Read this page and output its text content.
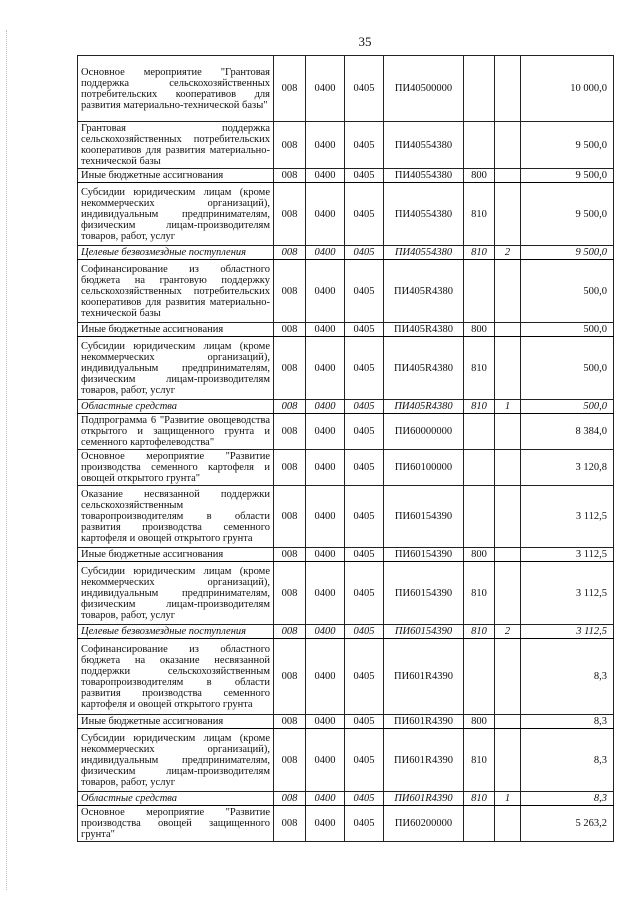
35
Основное мероприятие "Грантовая поддержка сельскохозяйственных потребительских кооперативов для развития материально-технической базы"	008	0400	0405	ПИ40500000			10 000,0
Грантовая поддержка сельскохозяйственных потребительских кооперативов для развития материально-технической базы	008	0400	0405	ПИ40554380			9 500,0
Иные бюджетные ассигнования	008	0400	0405	ПИ40554380	800		9 500,0
Субсидии юридическим лицам (кроме некоммерческих организаций), индивидуальным предпринимателям, физическим лицам-производителям товаров, работ, услуг	008	0400	0405	ПИ40554380	810		9 500,0
Целевые безвозмездные поступления	008	0400	0405	ПИ40554380	810	2	9 500,0
Софинансирование из областного бюджета на грантовую поддержку сельскохозяйственных потребительских кооперативов для развития материально-технической базы	008	0400	0405	ПИ405R4380			500,0
Иные бюджетные ассигнования	008	0400	0405	ПИ405R4380	800		500,0
Субсидии юридическим лицам (кроме некоммерческих организаций), индивидуальным предпринимателям, физическим лицам-производителям товаров, работ, услуг	008	0400	0405	ПИ405R4380	810		500,0
Областные средства	008	0400	0405	ПИ405R4380	810	1	500,0
Подпрограмма 6 "Развитие овощеводства открытого и защищенного грунта и семенного картофелеводства"	008	0400	0405	ПИ60000000			8 384,0
Основное мероприятие "Развитие производства семенного картофеля и овощей открытого грунта"	008	0400	0405	ПИ60100000			3 120,8
Оказание несвязанной поддержки сельскохозяйственным товаропроизводителям в области развития производства семенного картофеля и овощей открытого грунта	008	0400	0405	ПИ60154390			3 112,5
Иные бюджетные ассигнования	008	0400	0405	ПИ60154390	800		3 112,5
Субсидии юридическим лицам (кроме некоммерческих организаций), индивидуальным предпринимателям, физическим лицам-производителям товаров, работ, услуг	008	0400	0405	ПИ60154390	810		3 112,5
Целевые безвозмездные поступления	008	0400	0405	ПИ60154390	810	2	3 112,5
Софинансирование из областного бюджета на оказание несвязанной поддержки сельскохозяйственным товаропроизводителям в области развития производства семенного картофеля и овощей открытого грунта	008	0400	0405	ПИ601R4390			8,3
Иные бюджетные ассигнования	008	0400	0405	ПИ601R4390	800		8,3
Субсидии юридическим лицам (кроме некоммерческих организаций), индивидуальным предпринимателям, физическим лицам-производителям товаров, работ, услуг	008	0400	0405	ПИ601R4390	810		8,3
Областные средства	008	0400	0405	ПИ601R4390	810	1	8,3
Основное мероприятие "Развитие производства овощей защищенного грунта"	008	0400	0405	ПИ60200000			5 263,2
